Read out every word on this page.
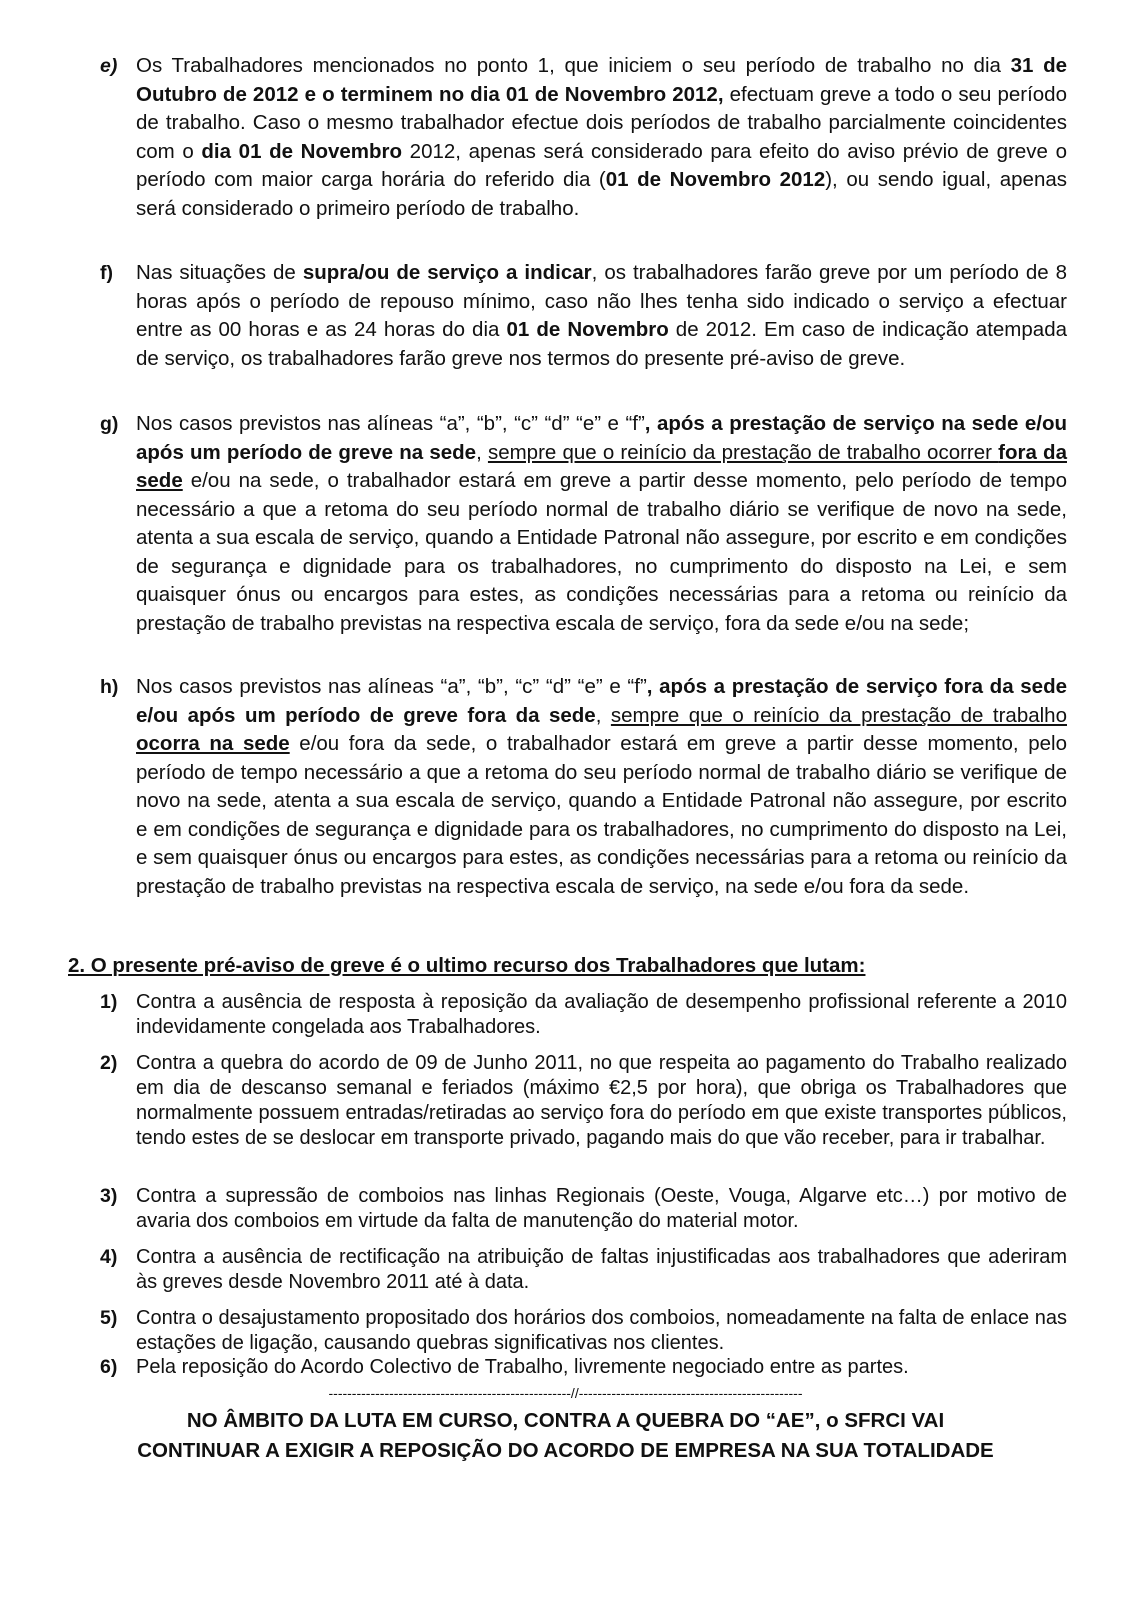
e) Os Trabalhadores mencionados no ponto 1, que iniciem o seu período de trabalho no dia 31 de Outubro de 2012 e o terminem no dia 01 de Novembro 2012, efectuam greve a todo o seu período de trabalho. Caso o mesmo trabalhador efectue dois períodos de trabalho parcialmente coincidentes com o dia 01 de Novembro 2012, apenas será considerado para efeito do aviso prévio de greve o período com maior carga horária do referido dia (01 de Novembro 2012), ou sendo igual, apenas será considerado o primeiro período de trabalho.
f) Nas situações de supra/ou de serviço a indicar, os trabalhadores farão greve por um período de 8 horas após o período de repouso mínimo, caso não lhes tenha sido indicado o serviço a efectuar entre as 00 horas e as 24 horas do dia 01 de Novembro de 2012. Em caso de indicação atempada de serviço, os trabalhadores farão greve nos termos do presente pré-aviso de greve.
g) Nos casos previstos nas alíneas “a”, “b”, “c” “d” “e” e “f”, após a prestação de serviço na sede e/ou após um período de greve na sede, sempre que o reinício da prestação de trabalho ocorrer fora da sede e/ou na sede, o trabalhador estará em greve a partir desse momento, pelo período de tempo necessário a que a retoma do seu período normal de trabalho diário se verifique de novo na sede, atenta a sua escala de serviço, quando a Entidade Patronal não assegure, por escrito e em condições de segurança e dignidade para os trabalhadores, no cumprimento do disposto na Lei, e sem quaisquer ónus ou encargos para estes, as condições necessárias para a retoma ou reinício da prestação de trabalho previstas na respectiva escala de serviço, fora da sede e/ou na sede;
h) Nos casos previstos nas alíneas “a”, “b”, “c” “d” “e” e “f”, após a prestação de serviço fora da sede e/ou após um período de greve fora da sede, sempre que o reinício da prestação de trabalho ocorra na sede e/ou fora da sede, o trabalhador estará em greve a partir desse momento, pelo período de tempo necessário a que a retoma do seu período normal de trabalho diário se verifique de novo na sede, atenta a sua escala de serviço, quando a Entidade Patronal não assegure, por escrito e em condições de segurança e dignidade para os trabalhadores, no cumprimento do disposto na Lei, e sem quaisquer ónus ou encargos para estes, as condições necessárias para a retoma ou reinício da prestação de trabalho previstas na respectiva escala de serviço, na sede e/ou fora da sede.
2. O presente pré-aviso de greve é o ultimo recurso dos Trabalhadores que lutam:
1) Contra a ausência de resposta à reposição da avaliação de desempenho profissional referente a 2010 indevidamente congelada aos Trabalhadores.
2) Contra a quebra do acordo de 09 de Junho 2011, no que respeita ao pagamento do Trabalho realizado em dia de descanso semanal e feriados (máximo €2,5 por hora), que obriga os Trabalhadores que normalmente possuem entradas/retiradas ao serviço fora do período em que existe transportes públicos, tendo estes de se deslocar em transporte privado, pagando mais do que vão receber, para ir trabalhar.
3) Contra a supressão de comboios nas linhas Regionais (Oeste, Vouga, Algarve etc…) por motivo de avaria dos comboios em virtude da falta de manutenção do material motor.
4) Contra a ausência de rectificação na atribuição de faltas injustificadas aos trabalhadores que aderiram às greves desde Novembro 2011 até à data.
5) Contra o desajustamento propositado dos horários dos comboios, nomeadamente na falta de enlace nas estações de ligação, causando quebras significativas nos clientes.
6) Pela reposição do Acordo Colectivo de Trabalho, livremente negociado entre as partes.
----------------------------------------------------//------------------------------------------------
NO ÂMBITO DA LUTA EM CURSO, CONTRA A QUEBRA DO “AE”, o SFRCI VAI
CONTINUAR A EXIGIR A REPOSIÇÃO DO ACORDO DE EMPRESA NA SUA TOTALIDADE
